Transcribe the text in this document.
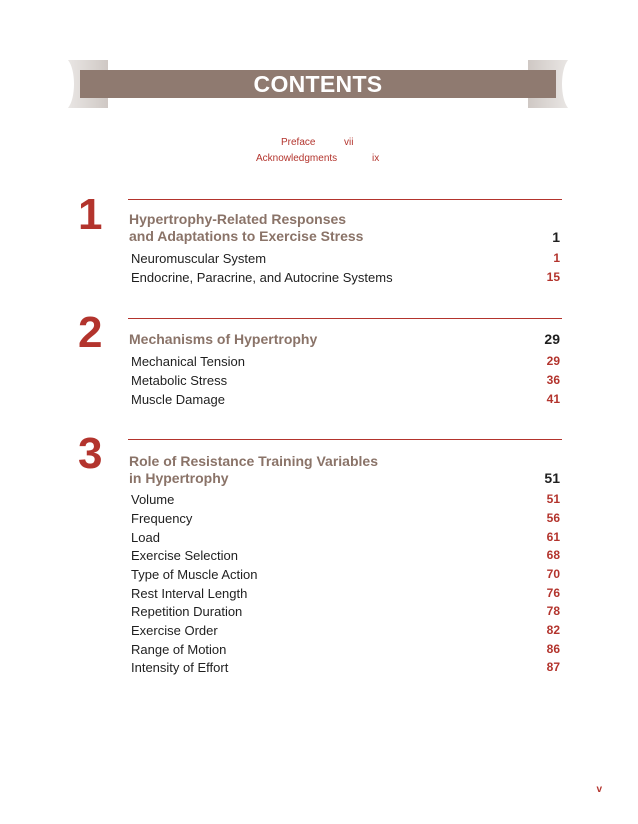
CONTENTS
Preface	vii
Acknowledgments	ix
1 Hypertrophy-Related Responses
and Adaptations to Exercise Stress	1
Neuromuscular System	1
Endocrine, Paracrine, and Autocrine Systems	15
2 Mechanisms of Hypertrophy	29
Mechanical Tension	29
Metabolic Stress	36
Muscle Damage	41
3 Role of Resistance Training Variables
in Hypertrophy	51
Volume	51
Frequency	56
Load	61
Exercise Selection	68
Type of Muscle Action	70
Rest Interval Length	76
Repetition Duration	78
Exercise Order	82
Range of Motion	86
Intensity of Effort	87
v
